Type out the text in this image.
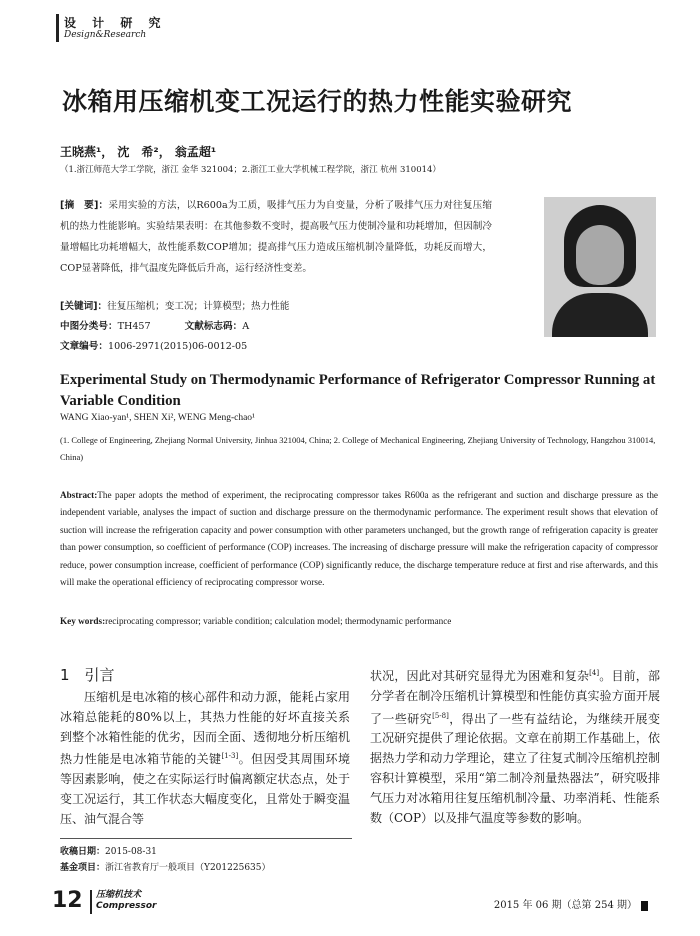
设 计 研 究
Design&Research
冰箱用压缩机变工况运行的热力性能实验研究
王晓燕¹， 沈　希²， 翁孟超¹
（1.浙江师范大学工学院，浙江 金华 321004；2.浙江工业大学机械工程学院，浙江 杭州 310014）
[摘　要]：采用实验的方法，以R600a为工质，吸排气压力为自变量，分析了吸排气压力对往复压缩机的热力性能影响。实验结果表明：在其他参数不变时，提高吸气压力使制冷量和功耗增加，但因制冷量增幅比功耗增幅大，故性能系数COP增加；提高排气压力造成压缩机制冷量降低，功耗反而增大，COP显著降低，排气温度先降低后升高，运行经济性变差。
[关键词]：往复压缩机；变工况；计算模型；热力性能
中图分类号：TH457	文献标志码：A
文章编号：1006-2971(2015)06-0012-05
Experimental Study on Thermodynamic Performance of Refrigerator Compressor Running at Variable Condition
WANG Xiao-yan¹, SHEN Xi², WENG Meng-chao¹
(1. College of Engineering, Zhejiang Normal University, Jinhua 321004, China; 2. College of Mechanical Engineering, Zhejiang University of Technology, Hangzhou 310014, China)
Abstract:The paper adopts the method of experiment, the reciprocating compressor takes R600a as the refrigerant and suction and discharge pressure as the independent variable, analyses the impact of suction and discharge pressure on the thermodynamic performance. The experiment result shows that elevation of suction will increase the refrigeration capacity and power consumption with other parameters unchanged, but the growth range of refrigeration capacity is greater than power consumption, so coefficient of performance (COP) increases. The increasing of discharge pressure will make the refrigeration capacity of compressor reduce, power consumption increase, coefficient of performance (COP) significantly reduce, the discharge temperature reduce at first and rise afterwards, and this will make the operational efficiency of reciprocating compressor worse.
Key words:reciprocating compressor; variable condition; calculation model; thermodynamic performance
1　引言

压缩机是电冰箱的核心部件和动力源，能耗占家用冰箱总能耗的80%以上，其热力性能的好坏直接关系到整个冰箱性能的优劣，因而全面、透彻地分析压缩机热力性能是电冰箱节能的关键[1-3]。但因受其周围环境等因素影响，使之在实际运行时偏离额定状态点，处于变工况运行，其工作状态大幅度变化，且常处于瞬变温压、油气混合等

状况，因此对其研究显得尤为困难和复杂[4]。目前，部分学者在制冷压缩机计算模型和性能仿真实验方面开展了一些研究[5-8]，得出了一些有益结论，为继续开展变工况研究提供了理论依据。文章在前期工作基础上，依据热力学和动力学理论，建立了往复式制冷压缩机控制容积计算模型，采用“第二制冷剂量热器法”，研究吸排气压力对冰箱用往复压缩机制冷量、功率消耗、性能系数（COP）以及排气温度等参数的影响。

收稿日期：2015-08-31
基金项目：浙江省教育厅一般项目（Y201225635）
12 压缩机技术
Compressor	2015 年 06 期（总第 254 期）
